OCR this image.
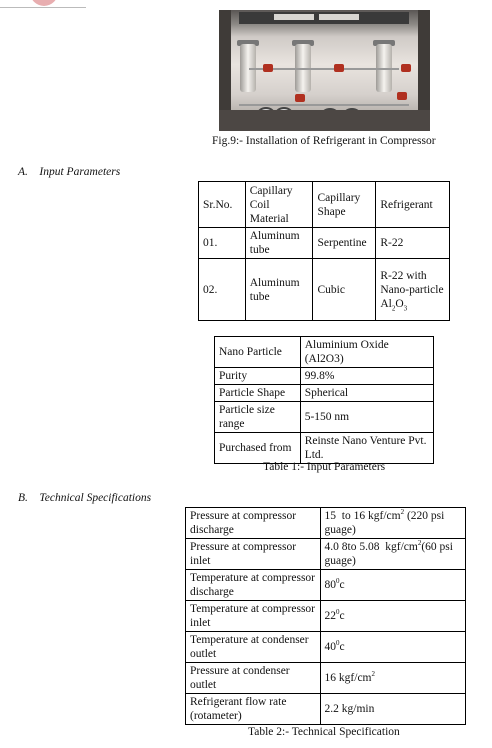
Fig.9:- Installation of Refrigerant in Compressor
A.    Input Parameters
Sr.No.	Capillary Coil Material	Capillary Shape	Refrigerant
01.	Aluminum tube	Serpentine	R-22
02.	Aluminum tube	Cubic	R-22 with Nano-particle $Al_2O_3$
Nano Particle	Aluminium Oxide (Al2O3)
Purity	99.8%
Particle Shape	Spherical
Particle size range	5-150 nm
Purchased from	Reinste Nano Venture Pvt. Ltd.
Table 1:- Input Parameters
B.    Technical Specifications
Pressure at compressor discharge	15  to 16 kgf/$cm^2$ (220 psi guage)
Pressure at compressor inlet	4.0 8to 5.08  kgf/$cm^2(60$ psi guage)
Temperature at compressor discharge	$80^0c$
Temperature at compressor inlet	$22^0c$
Temperature at condenser outlet	$40^0c$
Pressure at condenser outlet	16 kgf/$cm^2$
Refrigerant flow rate (rotameter)	2.2 kg/min
Table 2:- Technical Specification
